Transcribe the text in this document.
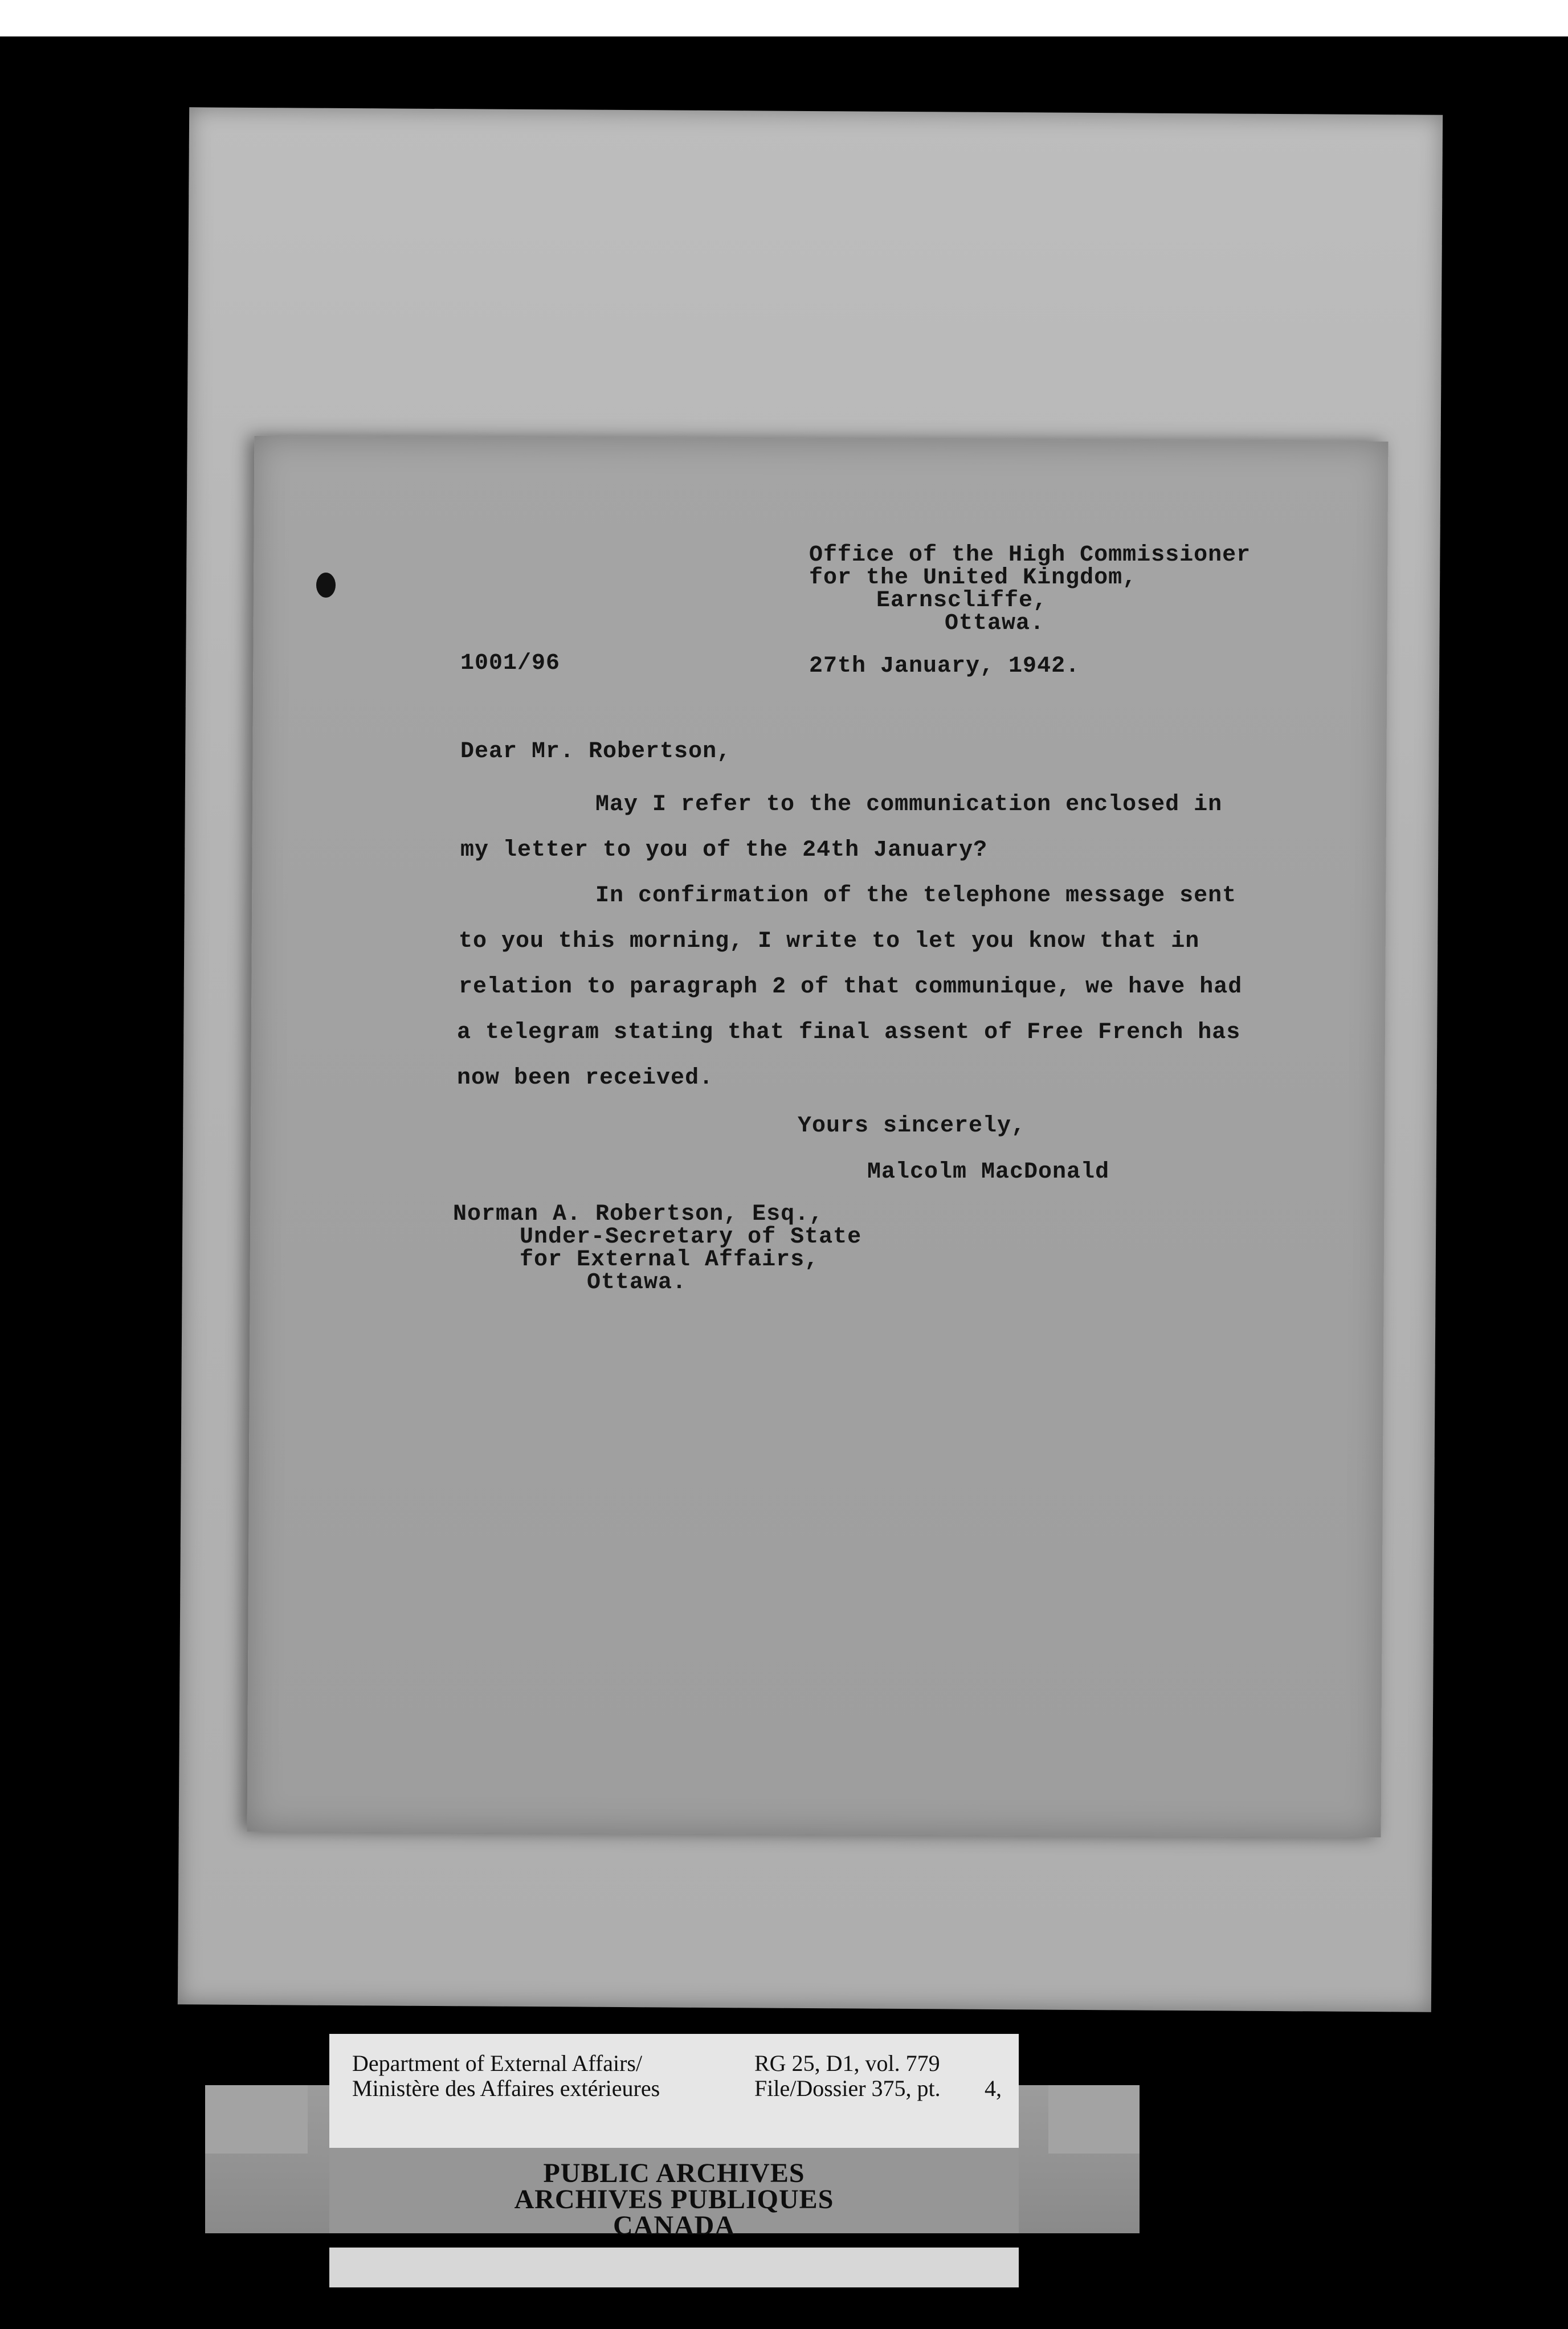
Office of the High Commissioner
for the United Kingdom,
Earnscliffe,
Ottawa.
1001/96	27th January, 1942.
Dear Mr. Robertson,
May I refer to the communication enclosed in
my letter to you of the 24th January?
In confirmation of the telephone message sent
to you this morning, I write to let you know that in
relation to paragraph 2 of that communique, we have had
a telegram stating that final assent of Free French has
now been received.
Yours sincerely,
Malcolm MacDonald
Norman A. Robertson, Esq.,
Under-Secretary of State
for External Affairs,
Ottawa.
Department of External Affairs/
Ministère des Affaires extérieures
RG 25, D1, vol. 779
File/Dossier 375, pt. 4,
PUBLIC ARCHIVES
ARCHIVES PUBLIQUES
CANADA
